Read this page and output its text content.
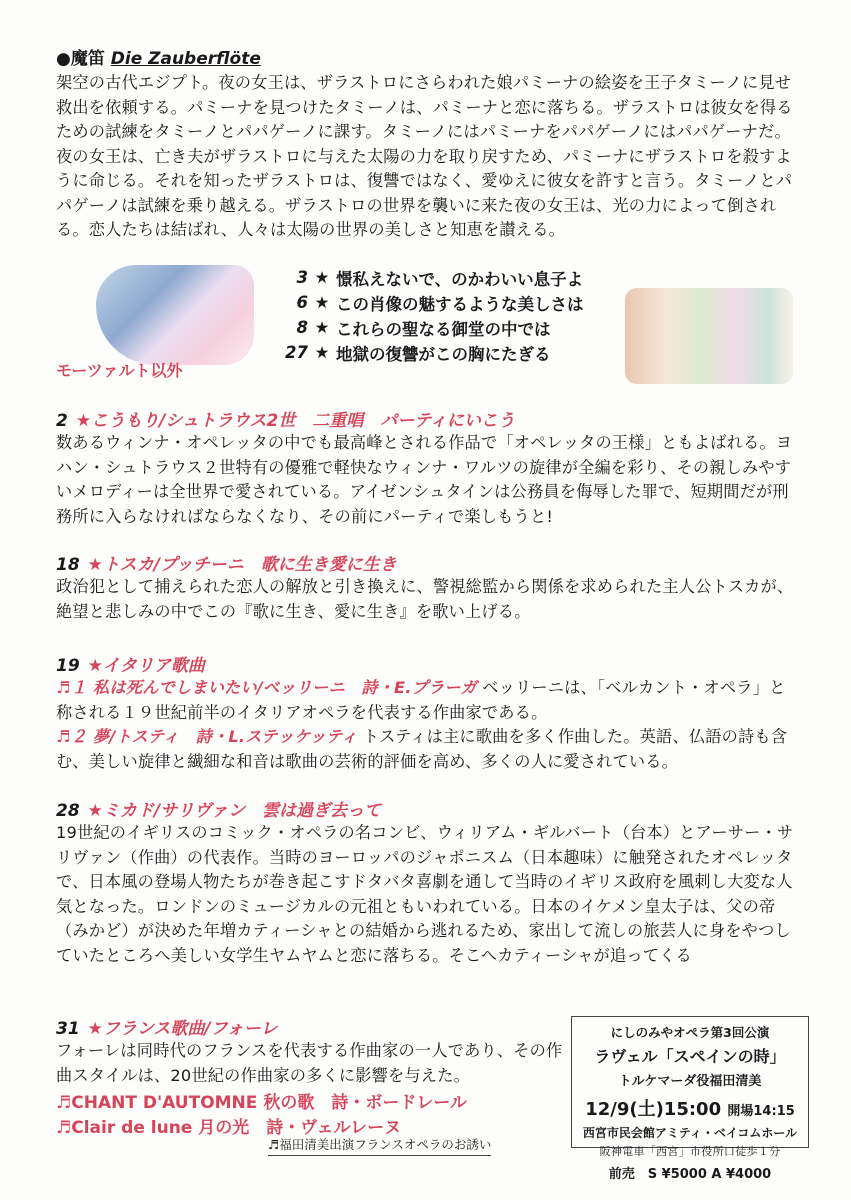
●魔笛 Die Zauberflöte
架空の古代エジプト。夜の女王は、ザラストロにさらわれた娘パミーナの絵姿を王子タミーノに見せ救出を依頼する。パミーナを見つけたタミーノは、パミーナと恋に落ちる。ザラストロは彼女を得るための試練をタミーノとパパゲーノに課す。タミーノにはパミーナをパパゲーノにはパパゲーナだ。夜の女王は、亡き夫がザラストロに与えた太陽の力を取り戻すため、パミーナにザラストロを殺すように命じる。それを知ったザラストロは、復讐ではなく、愛ゆえに彼女を許すと言う。タミーノとパパゲーノは試練を乗り越える。ザラストロの世界を襲いに来た夜の女王は、光の力によって倒される。恋人たちは結ばれ、人々は太陽の世界の美しさと知恵を讃える。
3 ★ 憬私えないで、のかわいい息子よ
6 ★ この肖像の魅するような美しさは
8 ★ これらの聖なる御堂の中では
27 ★ 地獄の復讐がこの胸にたぎる
モーツァルト以外
2 ★こうもり/シュトラウス2世　二重唱　パーティにいこう
数あるウィンナ・オペレッタの中でも最高峰とされる作品で「オペレッタの王様」ともよばれる。ヨハン・シュトラウス２世特有の優雅で軽快なウィンナ・ワルツの旋律が全編を彩り、その親しみやすいメロディーは全世界で愛されている。アイゼンシュタインは公務員を侮辱した罪で、短期間だが刑務所に入らなければならなくなり、その前にパーティで楽しもうと!
18 ★トスカ/プッチーニ　歌に生き愛に生き
政治犯として捕えられた恋人の解放と引き換えに、警視総監から関係を求められた主人公トスカが、 絶望と悲しみの中でこの『歌に生き、愛に生き』を歌い上げる。
19 ★イタリア歌曲
♬１ 私は死んでしまいたい/ベッリーニ　詩・E.プラーガ ベッリーニは、「ベルカント・オペラ」と称される１９世紀前半のイタリアオペラを代表する作曲家である。
♬２ 夢/トスティ　詩・L.ステッケッティ トスティは主に歌曲を多く作曲した。英語、仏語の詩も含む、美しい旋律と繊細な和音は歌曲の芸術的評価を高め、多くの人に愛されている。
28 ★ミカド/サリヴァン　雲は過ぎ去って
19世紀のイギリスのコミック・オペラの名コンビ、ウィリアム・ギルバート（台本）とアーサー・サリヴァン（作曲）の代表作。当時のヨーロッパのジャポニスム（日本趣味）に触発されたオペレッタで、日本風の登場人物たちが巻き起こすドタバタ喜劇を通して当時のイギリス政府を風刺し大変な人気となった。ロンドンのミュージカルの元祖ともいわれている。日本のイケメン皇太子は、父の帝（みかど）が決めた年増カティーシャとの結婚から逃れるため、家出して流しの旅芸人に身をやつしていたところへ美しい女学生ヤムヤムと恋に落ちる。そこへカティーシャが追ってくる
31 ★フランス歌曲/フォーレ
フォーレは同時代のフランスを代表する作曲家の一人であり、その作曲スタイルは、20世紀の作曲家の多くに影響を与えた。
♬CHANT D'AUTOMNE 秋の歌　詩・ボードレール
♬Clair de lune 月の光　詩・ヴェルレーヌ
にしのみやオペラ第3回公演
ラヴェル「スペインの時」
トルケマーダ役福田清美
12/9(土)15:00 開場14:15
西宮市民会館アミティ・ベイコムホール
阪神電車「西宮」市役所口徒歩１分
前売　S ¥5000 A ¥4000
♬福田清美出演フランスオペラのお誘い
